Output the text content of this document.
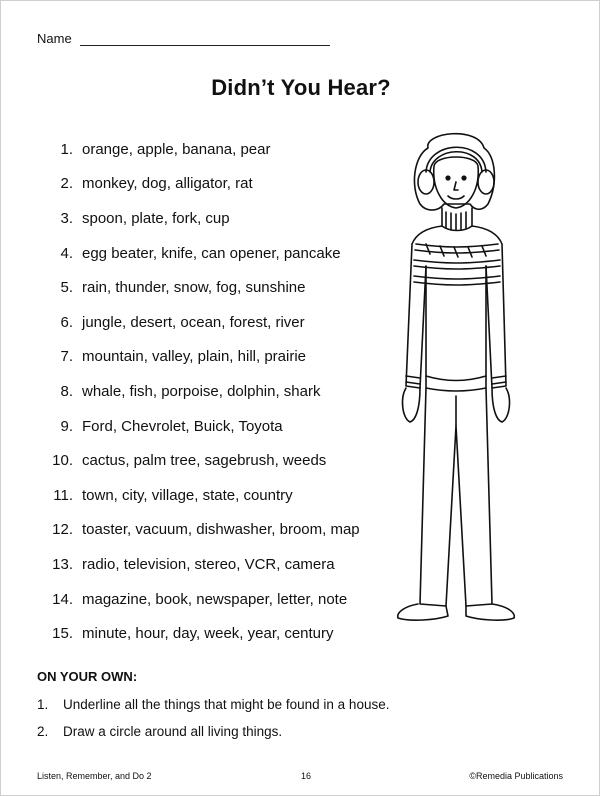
Name
Didn’t You Hear?
1. orange, apple, banana, pear
2. monkey, dog, alligator, rat
3. spoon, plate, fork, cup
4. egg beater, knife, can opener, pancake
5. rain, thunder, snow, fog, sunshine
6. jungle, desert, ocean, forest, river
7. mountain, valley, plain, hill, prairie
8. whale, fish, porpoise, dolphin, shark
9. Ford, Chevrolet, Buick, Toyota
10. cactus, palm tree, sagebrush, weeds
11. town, city, village, state, country
12. toaster, vacuum, dishwasher, broom, map
13. radio, television, stereo, VCR, camera
14. magazine, book, newspaper, letter, note
15. minute, hour, day, week, year, century
ON YOUR OWN:
1.	Underline all the things that might be found in a house.
2.	Draw a circle around all living things.
Listen, Remember, and Do 2	16	©Remedia Publications
